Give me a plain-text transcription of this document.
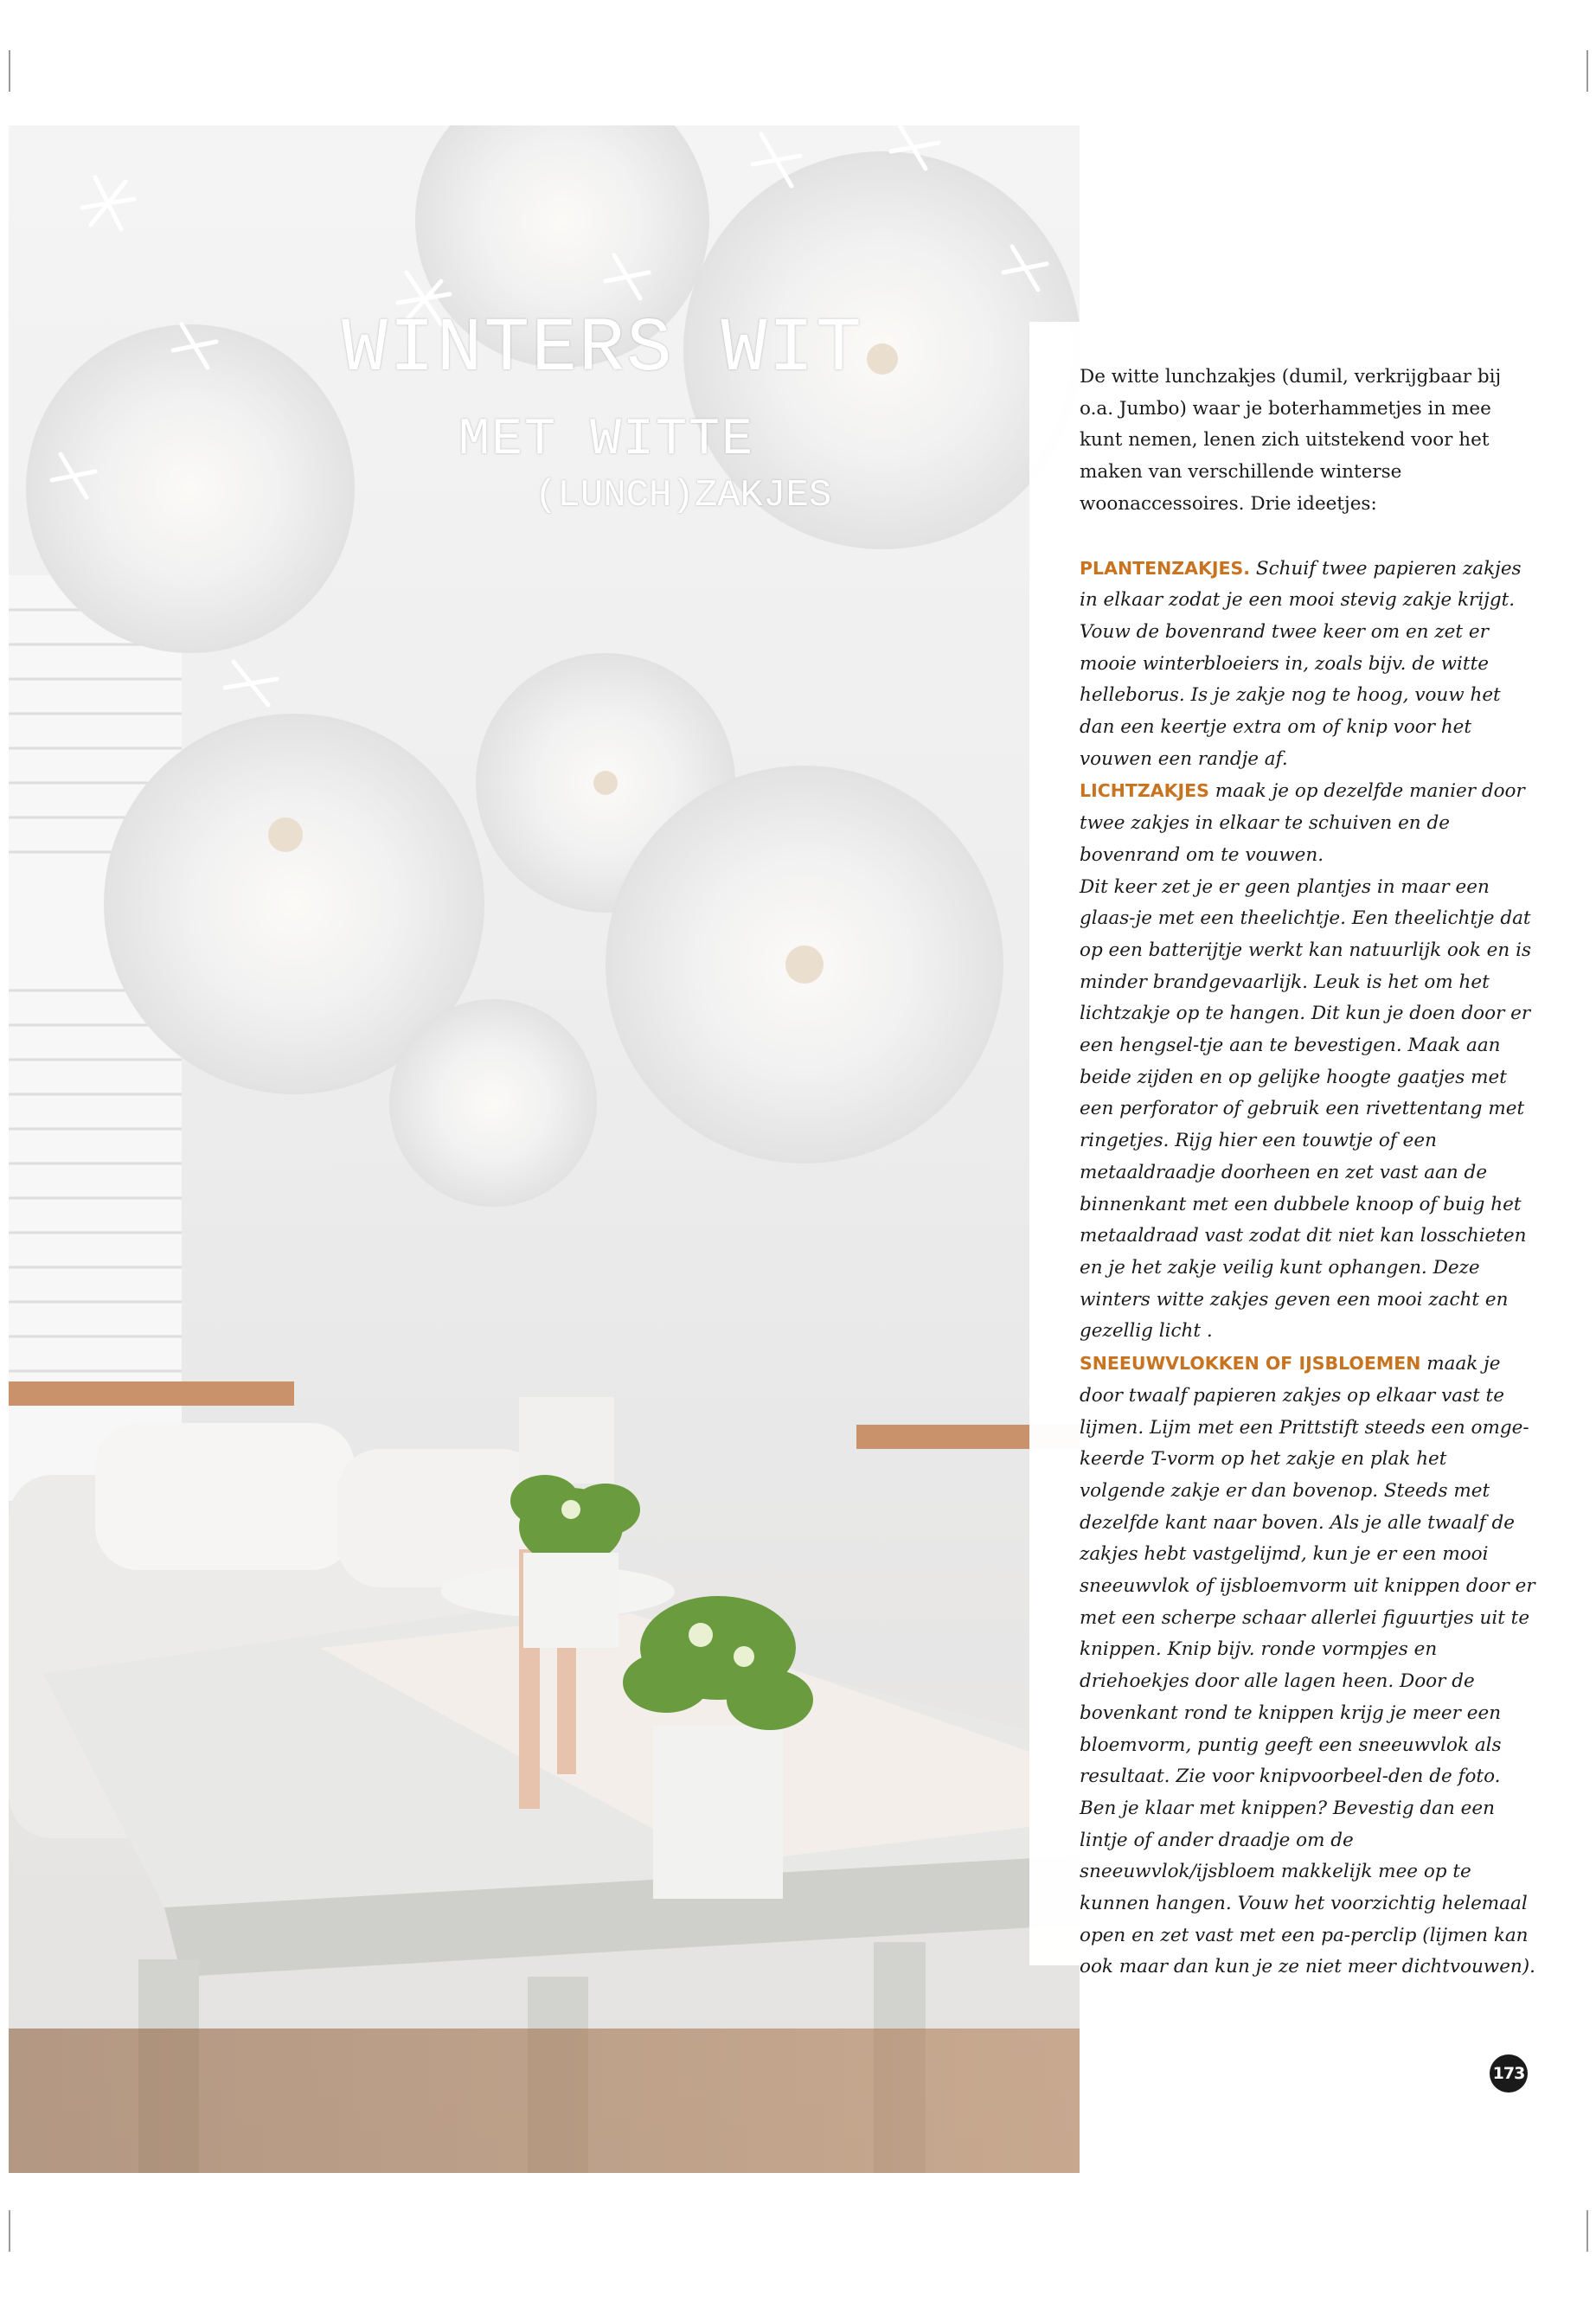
WINTERS WIT
MET WITTE
(LUNCH)ZAKJES

De witte lunchzakjes (dumil, verkrijgbaar bij o.a. Jumbo) waar je boterhammetjes in mee kunt nemen, lenen zich uitstekend voor het maken van verschillende winterse woonaccessoires. Drie ideetjes:

PLANTENZAKJES. Schuif twee papieren zakjes in elkaar zodat je een mooi stevig zakje krijgt. Vouw de bovenrand twee keer om en zet er mooie winterbloeiers in, zoals bijv. de witte helleborus. Is je zakje nog te hoog, vouw het dan een keertje extra om of knip voor het vouwen een randje af.
LICHTZAKJES maak je op dezelfde manier door twee zakjes in elkaar te schuiven en de bovenrand om te vouwen.
Dit keer zet je er geen plantjes in maar een glaas-je met een theelichtje. Een theelichtje dat op een batterijtje werkt kan natuurlijk ook en is minder brandgevaarlijk. Leuk is het om het lichtzakje op te hangen. Dit kun je doen door er een hengsel-tje aan te bevestigen. Maak aan beide zijden en op gelijke hoogte gaatjes met een perforator of gebruik een rivettentang met ringetjes. Rijg hier een touwtje of een metaaldraadje doorheen en zet vast aan de binnenkant met een dubbele knoop of buig het metaaldraad vast zodat dit niet kan losschieten en je het zakje veilig kunt ophangen. Deze winters witte zakjes geven een mooi zacht en gezellig licht .
SNEEUWVLOKKEN OF IJSBLOEMEN maak je door twaalf papieren zakjes op elkaar vast te lijmen. Lijm met een Prittstift steeds een omge-keerde T-vorm op het zakje en plak het volgende zakje er dan bovenop. Steeds met dezelfde kant naar boven. Als je alle twaalf de zakjes hebt vastgelijmd, kun je er een mooi sneeuwvlok of ijsbloemvorm uit knippen door er met een scherpe schaar allerlei figuurtjes uit te knippen. Knip bijv. ronde vormpjes en driehoekjes door alle lagen heen. Door de bovenkant rond te knippen krijg je meer een bloemvorm, puntig geeft een sneeuwvlok als resultaat. Zie voor knipvoorbeel-den de foto.
Ben je klaar met knippen? Bevestig dan een lintje of ander draadje om de sneeuwvlok/ijsbloem makkelijk mee op te kunnen hangen. Vouw het voorzichtig helemaal open en zet vast met een pa-perclip (lijmen kan ook maar dan kun je ze niet meer dichtvouwen).

173
